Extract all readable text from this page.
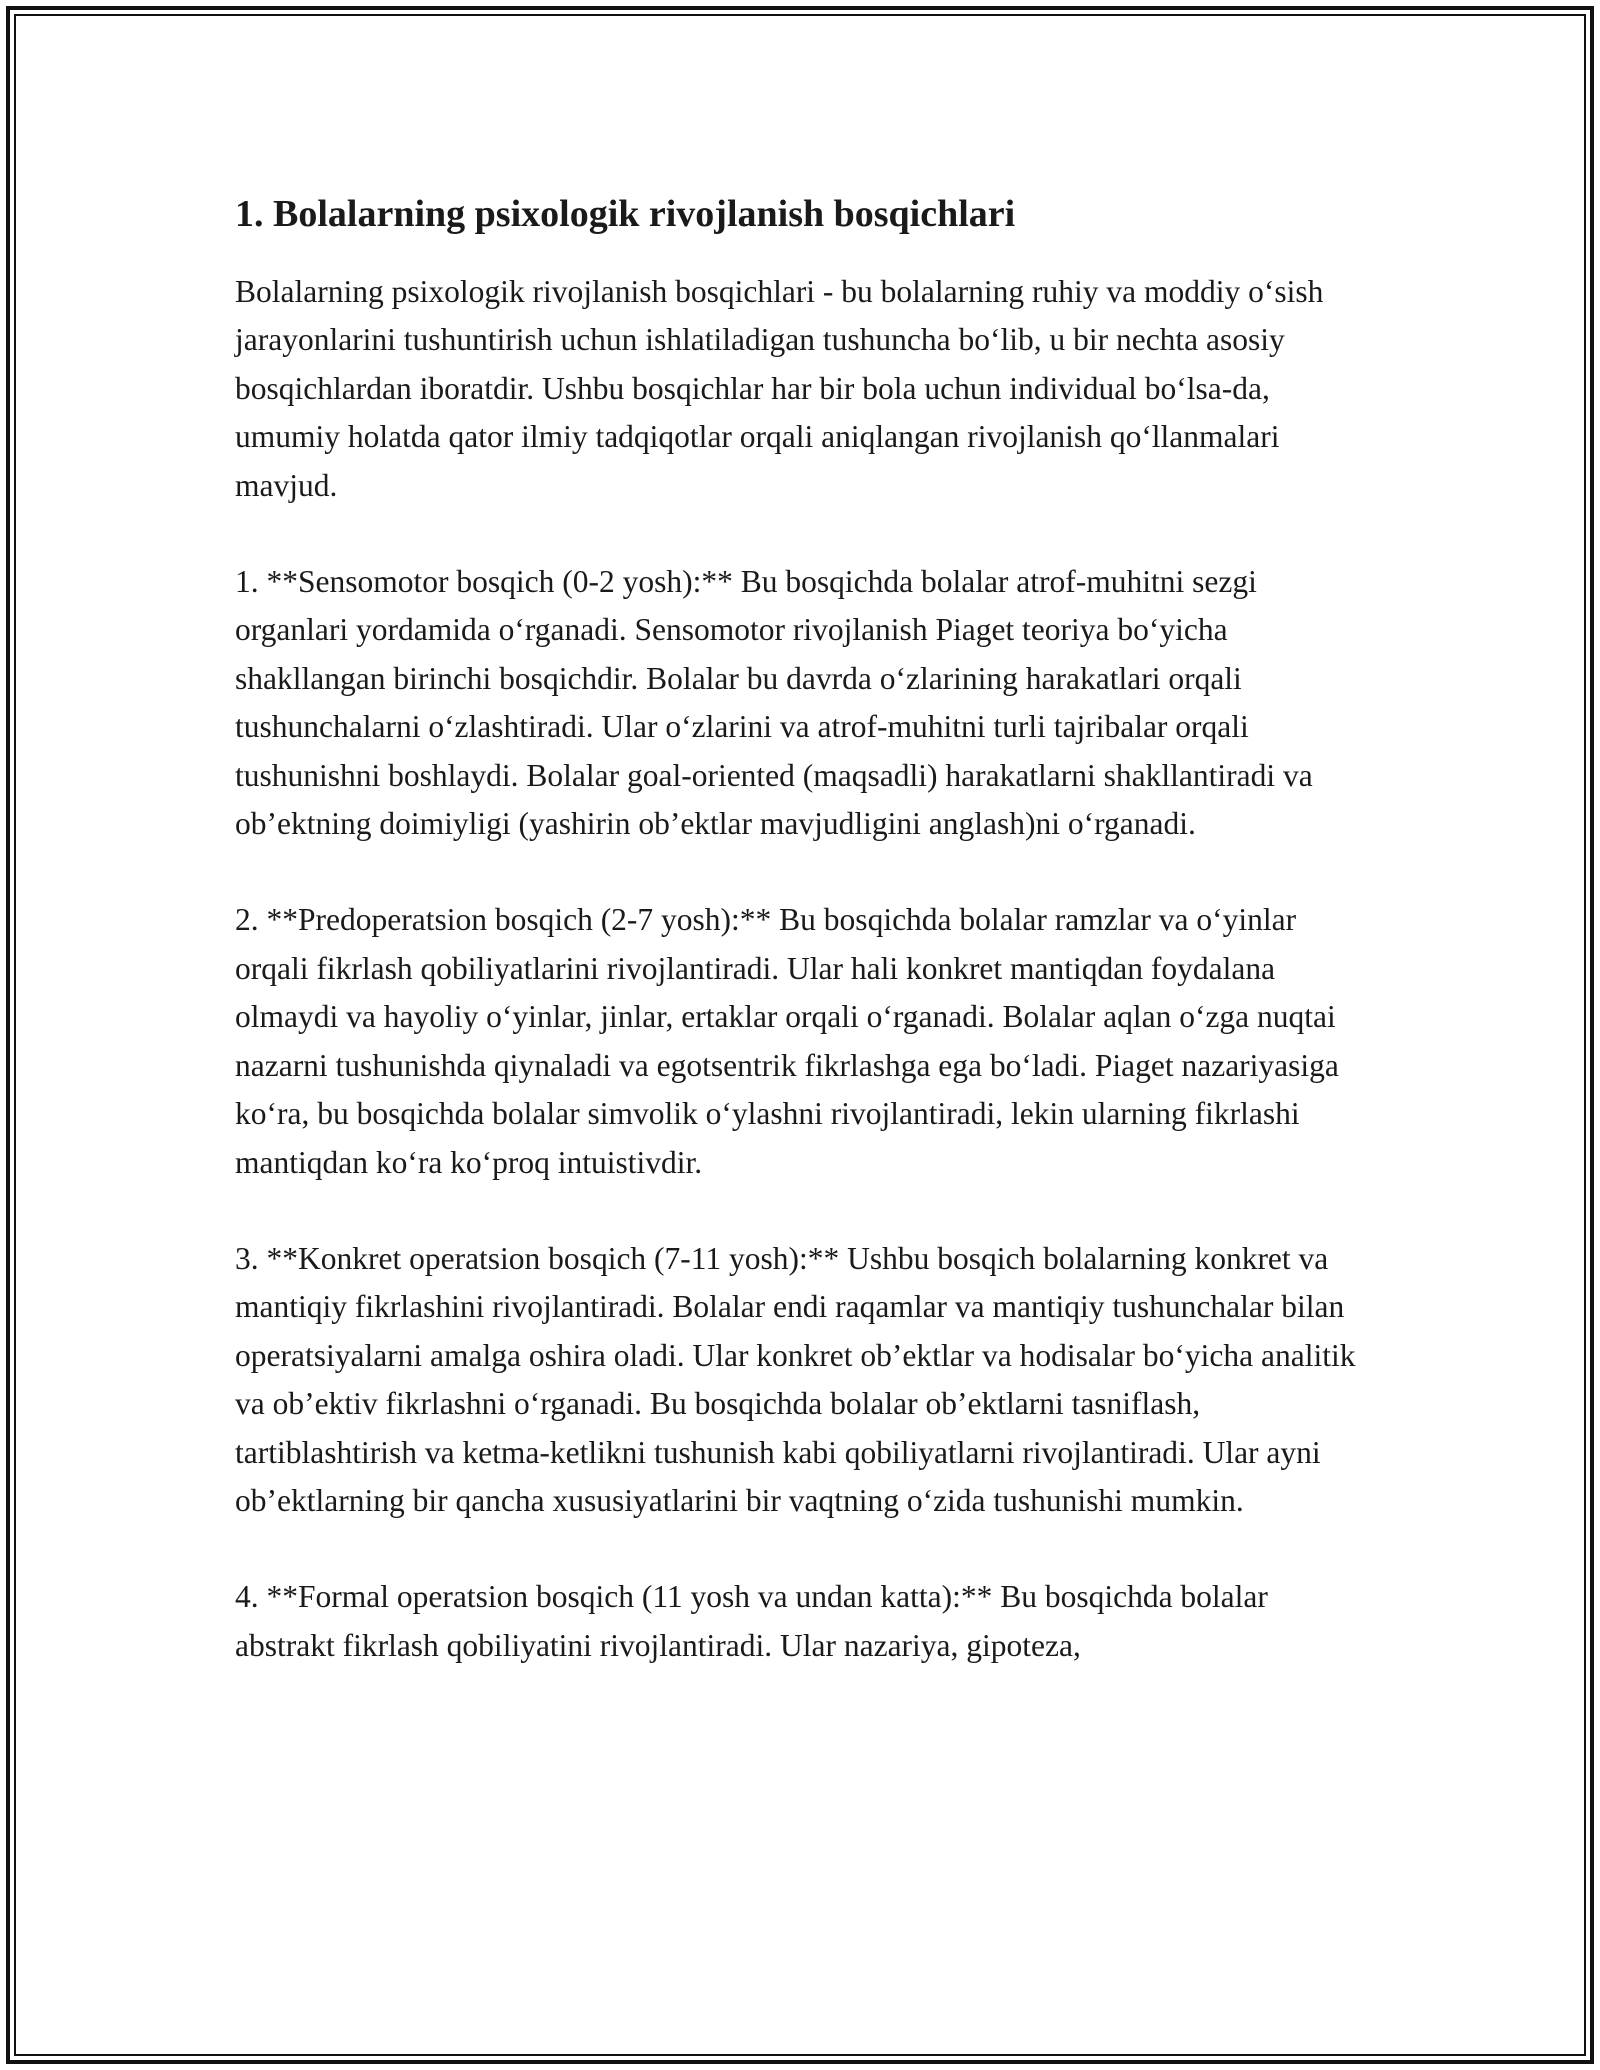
1. Bolalarning psixologik rivojlanish bosqichlari

Bolalarning psixologik rivojlanish bosqichlari - bu bolalarning ruhiy va moddiy o‘sish jarayonlarini tushuntirish uchun ishlatiladigan tushuncha bo‘lib, u bir nechta asosiy bosqichlardan iboratdir. Ushbu bosqichlar har bir bola uchun individual bo‘lsa-da, umumiy holatda qator ilmiy tadqiqotlar orqali aniqlangan rivojlanish qo‘llanmalari mavjud.

1. **Sensomotor bosqich (0-2 yosh):** Bu bosqichda bolalar atrof-muhitni sezgi organlari yordamida o‘rganadi. Sensomotor rivojlanish Piaget teoriya bo‘yicha shakllangan birinchi bosqichdir. Bolalar bu davrda o‘zlarining harakatlari orqali tushunchalarni o‘zlashtiradi. Ular o‘zlarini va atrof-muhitni turli tajribalar orqali tushunishni boshlaydi. Bolalar goal-oriented (maqsadli) harakatlarni shakllantiradi va ob’ektning doimiyligi (yashirin ob’ektlar mavjudligini anglash)ni o‘rganadi.

2. **Predoperatsion bosqich (2-7 yosh):** Bu bosqichda bolalar ramzlar va o‘yinlar orqali fikrlash qobiliyatlarini rivojlantiradi. Ular hali konkret mantiqdan foydalana olmaydi va hayoliy o‘yinlar, jinlar, ertaklar orqali o‘rganadi. Bolalar aqlan o‘zga nuqtai nazarni tushunishda qiynaladi va egotsentrik fikrlashga ega bo‘ladi. Piaget nazariyasiga ko‘ra, bu bosqichda bolalar simvolik o‘ylashni rivojlantiradi, lekin ularning fikrlashi mantiqdan ko‘ra ko‘proq intuistivdir.

3. **Konkret operatsion bosqich (7-11 yosh):** Ushbu bosqich bolalarning konkret va mantiqiy fikrlashini rivojlantiradi. Bolalar endi raqamlar va mantiqiy tushunchalar bilan operatsiyalarni amalga oshira oladi. Ular konkret ob’ektlar va hodisalar bo‘yicha analitik va ob’ektiv fikrlashni o‘rganadi. Bu bosqichda bolalar ob’ektlarni tasniflash, tartiblashtirish va ketma-ketlikni tushunish kabi qobiliyatlarni rivojlantiradi. Ular ayni ob’ektlarning bir qancha xususiyatlarini bir vaqtning o‘zida tushunishi mumkin.

4. **Formal operatsion bosqich (11 yosh va undan katta):** Bu bosqichda bolalar abstrakt fikrlash qobiliyatini rivojlantiradi. Ular nazariya, gipoteza,
